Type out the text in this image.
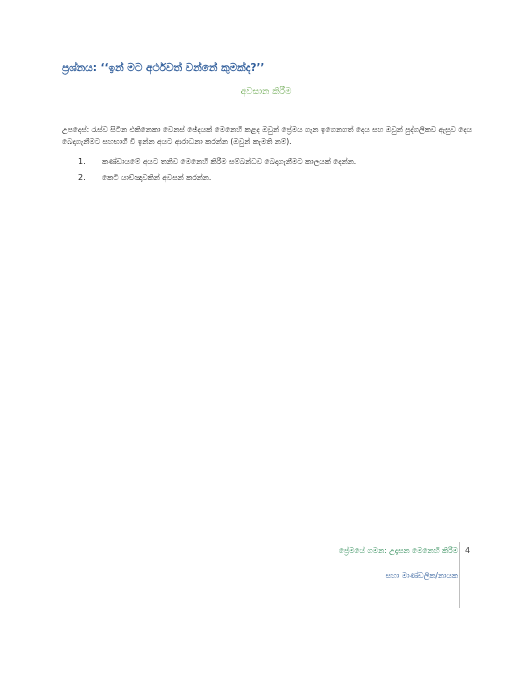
ප්‍රශ්නය: ‘‘ඉන් මට අර්ථවත් වන්නේ කුමක්ද?’’
අවසාන කිරීම
උපදෙස්: රැස්ව සිටින එකිනෙකා වෙනස් ඡේදයක් මෙනෙහි කළද ඔවුන් ප්‍රේමය ගැන ඉගෙනගත් දෙය සහ ඔවුන් පුද්ගලිකව ඇසුව දෙය බෙදාගැනීමට සහභාගී වී ඉන්න අයට ආරාධනා කරන්න (ඔවුන් කැමති නම්).
1.	කණ්ඩායමේ අයට තනිව මෙනෙහි කිරීම සම්බන්ධව බෙදාගැනීමට කාලයක් දෙන්න.
2.	කෙටි යාච්ඤාවකින් අවසන් කරන්න.
ප්‍රේමයේ ගමන: උදෑසන මෙනෙහි කිරීම
සහා මාණ්ඩලික/නායක
4
